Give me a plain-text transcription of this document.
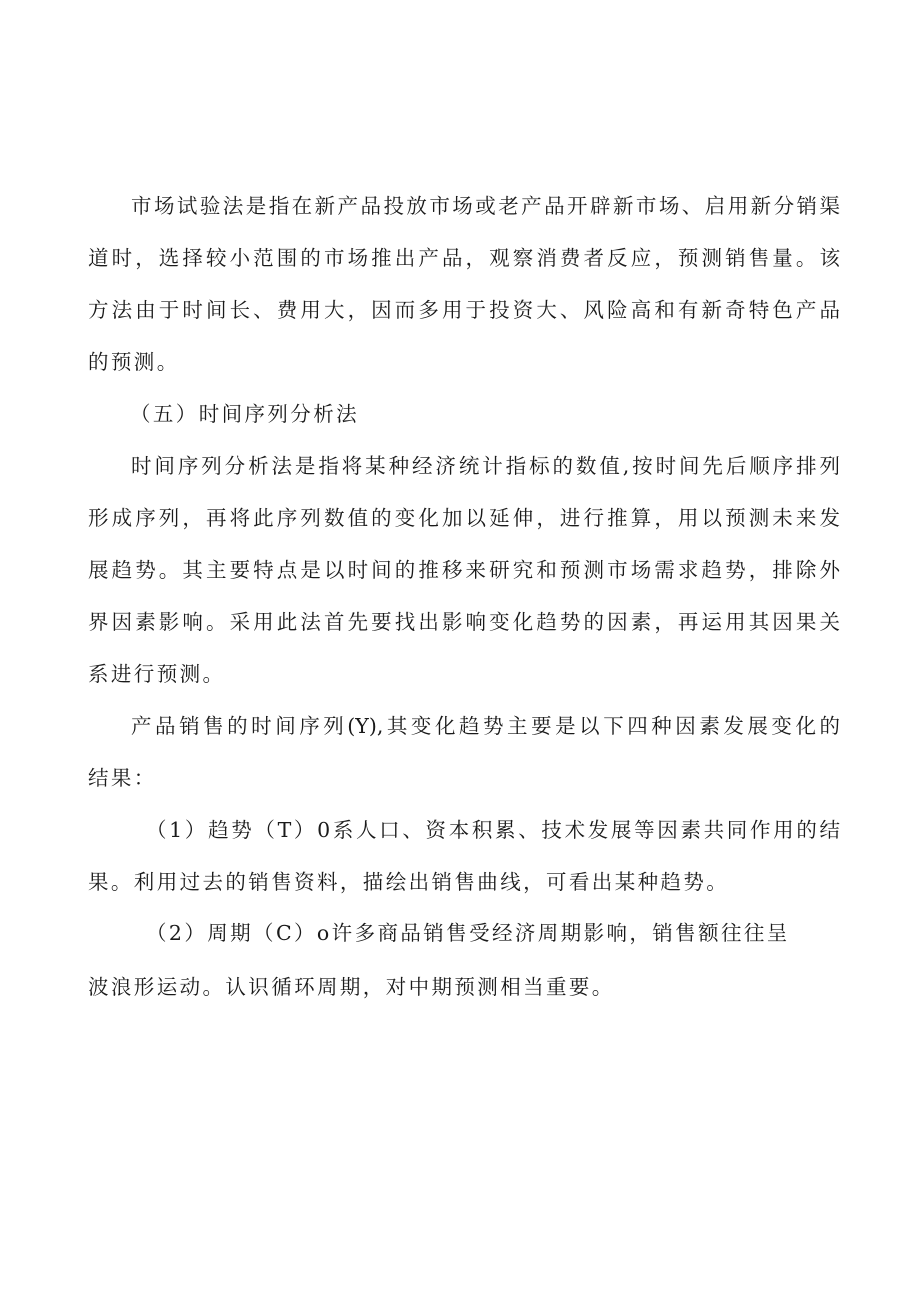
市场试验法是指在新产品投放市场或老产品开辟新市场、启用新分销渠
道时，选择较小范围的市场推出产品，观察消费者反应，预测销售量。该
方法由于时间长、费用大，因而多用于投资大、风险高和有新奇特色产品
的预测。
（五）时间序列分析法
时间序列分析法是指将某种经济统计指标的数值,按时间先后顺序排列
形成序列，再将此序列数值的变化加以延伸，进行推算，用以预测未来发
展趋势。其主要特点是以时间的推移来研究和预测市场需求趋势，排除外
界因素影响。采用此法首先要找出影响变化趋势的因素，再运用其因果关
系进行预测。
产品销售的时间序列(Y),其变化趋势主要是以下四种因素发展变化的
结果：
（1）趋势（T）0系人口、资本积累、技术发展等因素共同作用的结
果。利用过去的销售资料，描绘出销售曲线，可看出某种趋势。
（2）周期（C）o许多商品销售受经济周期影响，销售额往往呈
波浪形运动。认识循环周期，对中期预测相当重要。
